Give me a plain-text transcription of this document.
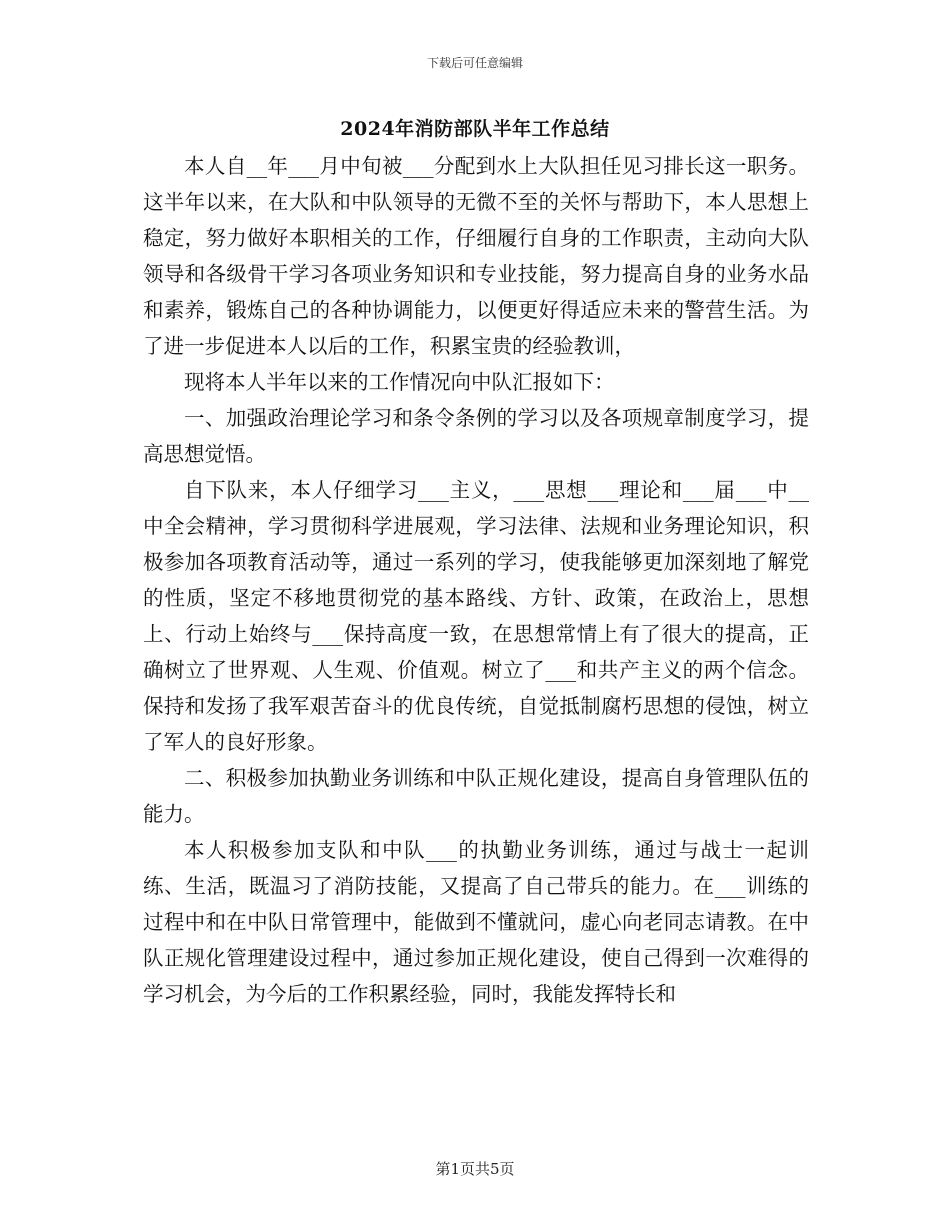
下载后可任意编辑
2024年消防部队半年工作总结

本人自__年___月中旬被___分配到水上大队担任见习排长这一职务。这半年以来，在大队和中队领导的无微不至的关怀与帮助下，本人思想上稳定，努力做好本职相关的工作，仔细履行自身的工作职责，主动向大队领导和各级骨干学习各项业务知识和专业技能，努力提高自身的业务水品和素养，锻炼自己的各种协调能力，以便更好得适应未来的警营生活。为了进一步促进本人以后的工作，积累宝贵的经验教训，

现将本人半年以来的工作情况向中队汇报如下：

一、加强政治理论学习和条令条例的学习以及各项规章制度学习，提高思想觉悟。

自下队来，本人仔细学习___主义，___思想___理论和___届___中__中全会精神，学习贯彻科学进展观，学习法律、法规和业务理论知识，积极参加各项教育活动等，通过一系列的学习，使我能够更加深刻地了解党的性质，坚定不移地贯彻党的基本路线、方针、政策，在政治上，思想上、行动上始终与___保持高度一致，在思想常情上有了很大的提高，正确树立了世界观、人生观、价值观。树立了___和共产主义的两个信念。保持和发扬了我军艰苦奋斗的优良传统，自觉抵制腐朽思想的侵蚀，树立了军人的良好形象。

二、积极参加执勤业务训练和中队正规化建设，提高自身管理队伍的能力。

本人积极参加支队和中队___的执勤业务训练，通过与战士一起训练、生活，既温习了消防技能，又提高了自己带兵的能力。在___训练的过程中和在中队日常管理中，能做到不懂就问，虚心向老同志请教。在中队正规化管理建设过程中，通过参加正规化建设，使自己得到一次难得的学习机会，为今后的工作积累经验，同时，我能发挥特长和

第1页共5页
